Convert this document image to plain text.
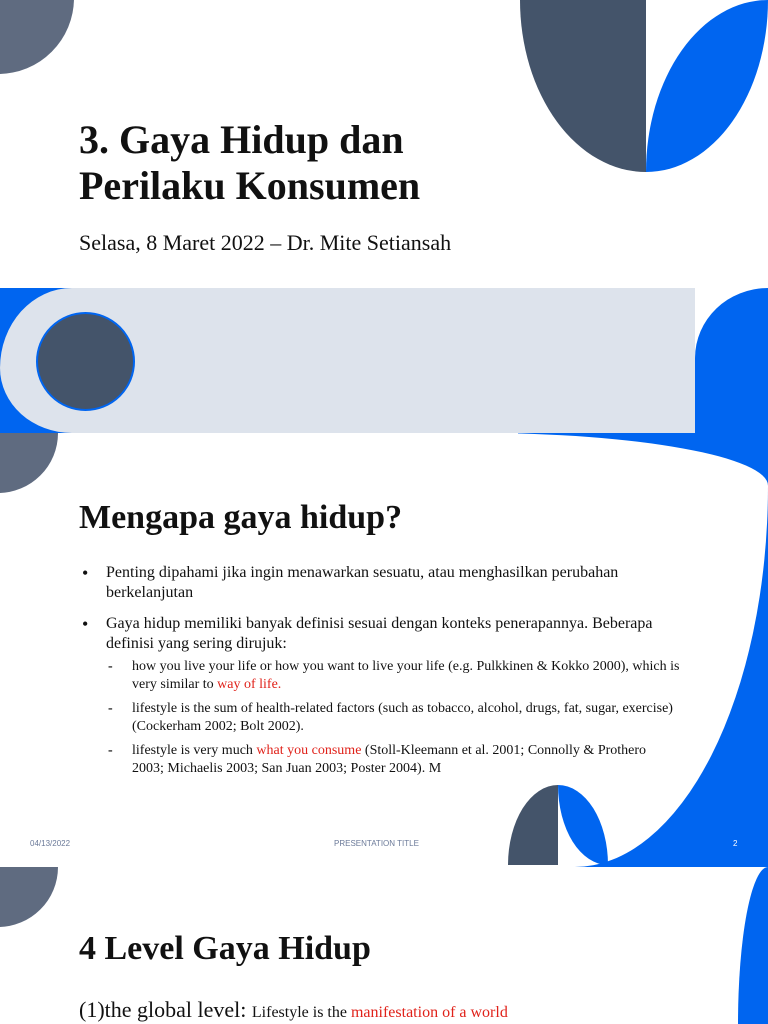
3. Gaya Hidup dan Perilaku Konsumen
Selasa, 8 Maret 2022 – Dr. Mite Setiansah
Mengapa gaya hidup?
• Penting dipahami jika ingin menawarkan sesuatu, atau menghasilkan perubahan berkelanjutan
• Gaya hidup memiliki banyak definisi sesuai dengan konteks penerapannya. Beberapa definisi yang sering dirujuk:
- how you live your life or how you want to live your life (e.g. Pulkkinen & Kokko 2000), which is very similar to way of life.
- lifestyle is the sum of health-related factors (such as tobacco, alcohol, drugs, fat, sugar, exercise) (Cockerham 2002; Bolt 2002).
- lifestyle is very much what you consume (Stoll-Kleemann et al. 2001; Connolly & Prothero 2003; Michaelis 2003; San Juan 2003; Poster 2004). M
04/13/2022	PRESENTATION TITLE	2
4 Level Gaya Hidup
(1)the global level: Lifestyle is the manifestation of a world
